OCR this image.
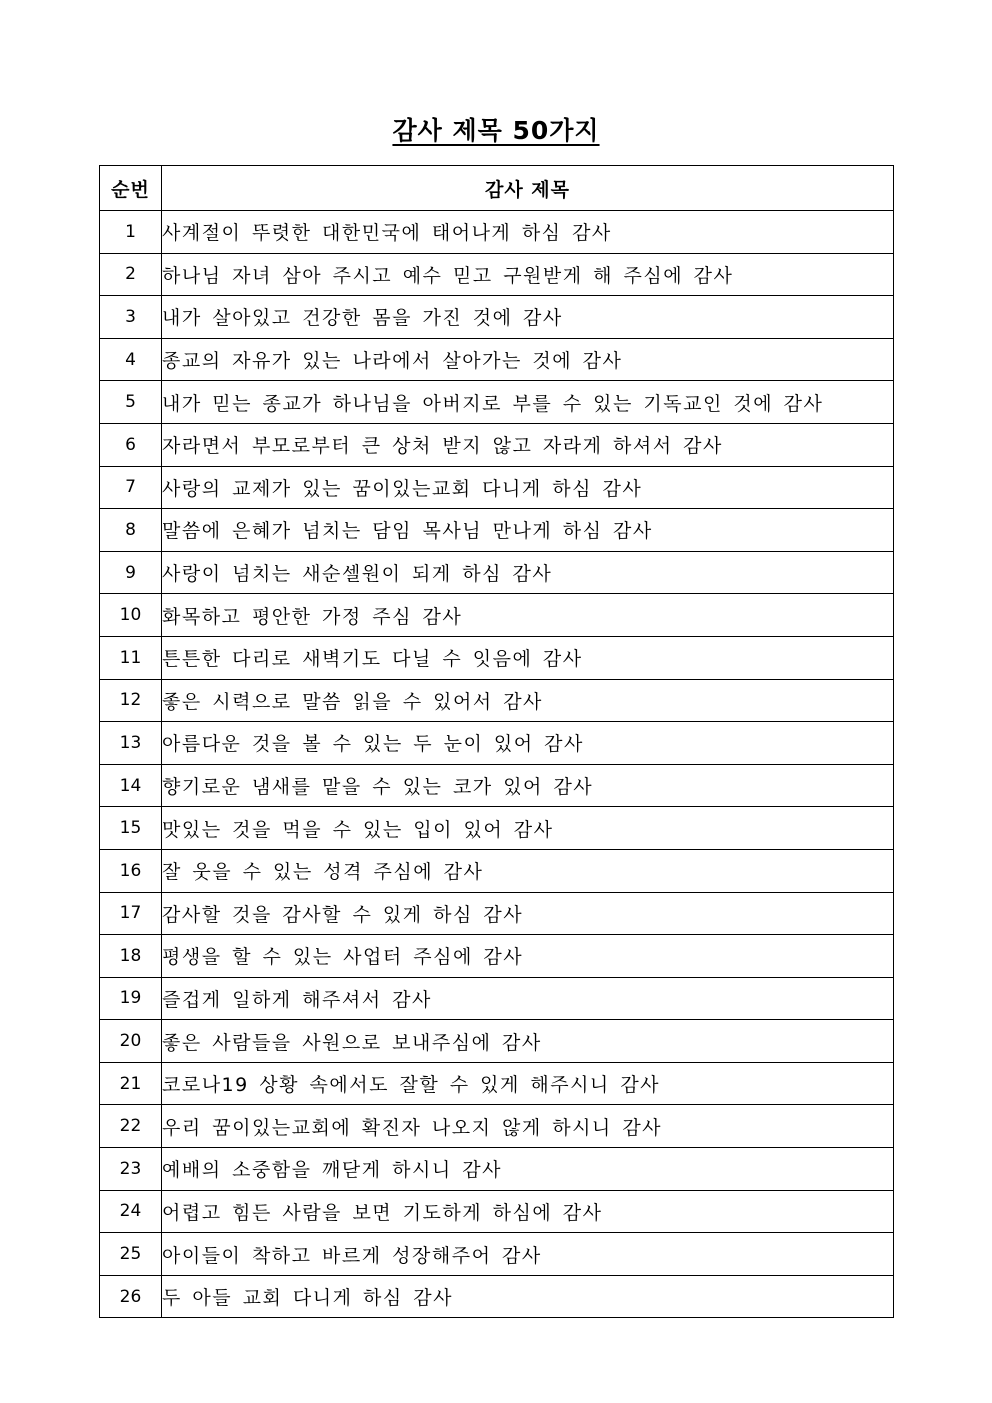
감사 제목 50가지
순번	감사 제목
1	사계절이 뚜렷한 대한민국에 태어나게 하심 감사
2	하나님 자녀 삼아 주시고 예수 믿고 구원받게 해 주심에 감사
3	내가 살아있고 건강한 몸을 가진 것에 감사
4	종교의 자유가 있는 나라에서 살아가는 것에 감사
5	내가 믿는 종교가 하나님을 아버지로 부를 수 있는 기독교인 것에 감사
6	자라면서 부모로부터 큰 상처 받지 않고 자라게 하셔서 감사
7	사랑의 교제가 있는 꿈이있는교회 다니게 하심 감사
8	말씀에 은혜가 넘치는 담임 목사님 만나게 하심 감사
9	사랑이 넘치는 새순셀원이 되게 하심 감사
10	화목하고 평안한 가정 주심 감사
11	튼튼한 다리로 새벽기도 다닐 수 잇음에 감사
12	좋은 시력으로 말씀 읽을 수 있어서 감사
13	아름다운 것을 볼 수 있는 두 눈이 있어 감사
14	향기로운 냄새를 맡을 수 있는 코가 있어 감사
15	맛있는 것을 먹을 수 있는 입이 있어 감사
16	잘 웃을 수 있는 성격 주심에 감사
17	감사할 것을 감사할 수 있게 하심 감사
18	평생을 할 수 있는 사업터 주심에 감사
19	즐겁게 일하게 해주셔서 감사
20	좋은 사람들을 사원으로 보내주심에 감사
21	코로나19 상황 속에서도 잘할 수 있게 해주시니 감사
22	우리 꿈이있는교회에 확진자 나오지 않게 하시니 감사
23	예배의 소중함을 깨닫게 하시니 감사
24	어렵고 힘든 사람을 보면 기도하게 하심에 감사
25	아이들이 착하고 바르게 성장해주어 감사
26	두 아들 교회 다니게 하심 감사
